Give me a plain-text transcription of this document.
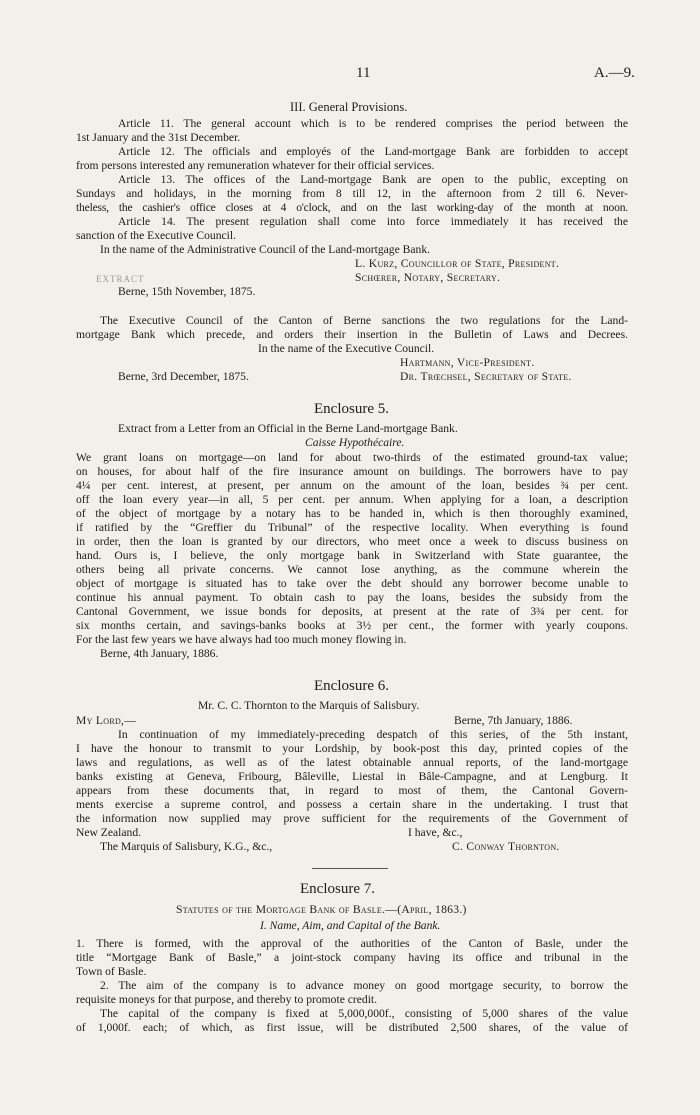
11	A.—9.
III. General Provisions.
Article 11. The general account which is to be rendered comprises the period between the
1st January and the 31st December.
Article 12. The officials and employés of the Land-mortgage Bank are forbidden to accept
from persons interested any remuneration whatever for their official services.
Article 13. The offices of the Land-mortgage Bank are open to the public, excepting on
Sundays and holidays, in the morning from 8 till 12, in the afternoon from 2 till 6. Never-
theless, the cashier's office closes at 4 o'clock, and on the last working-day of the month at noon.
Article 14. The present regulation shall come into force immediately it has received the
sanction of the Executive Council.
In the name of the Administrative Council of the Land-mortgage Bank.
L. Kurz, Councillor of State, President.
EXTRACT	Schœrer, Notary, Secretary.
Berne, 15th November, 1875.
The Executive Council of the Canton of Berne sanctions the two regulations for the Land-
mortgage Bank which precede, and orders their insertion in the Bulletin of Laws and Decrees.
In the name of the Executive Council.
Hartmann, Vice-President.
Berne, 3rd December, 1875.	Dr. Trœchsel, Secretary of State.
Enclosure 5.
Extract from a Letter from an Official in the Berne Land-mortgage Bank.
Caisse Hypothécaire.
We grant loans on mortgage—on land for about two-thirds of the estimated ground-tax value;
on houses, for about half of the fire insurance amount on buildings. The borrowers have to pay
4¼ per cent. interest, at present, per annum on the amount of the loan, besides ¾ per cent.
off the loan every year—in all, 5 per cent. per annum. When applying for a loan, a description
of the object of mortgage by a notary has to be handed in, which is then thoroughly examined,
if ratified by the “Greffier du Tribunal” of the respective locality. When everything is found
in order, then the loan is granted by our directors, who meet once a week to discuss business on
hand. Ours is, I believe, the only mortgage bank in Switzerland with State guarantee, the
others being all private concerns. We cannot lose anything, as the commune wherein the
object of mortgage is situated has to take over the debt should any borrower become unable to
continue his annual payment. To obtain cash to pay the loans, besides the subsidy from the
Cantonal Government, we issue bonds for deposits, at present at the rate of 3¾ per cent. for
six months certain, and savings-banks books at 3½ per cent., the former with yearly coupons.
For the last few years we have always had too much money flowing in.
Berne, 4th January, 1886.
Enclosure 6.
Mr. C. C. Thornton to the Marquis of Salisbury.
My Lord,—	Berne, 7th January, 1886.
In continuation of my immediately-preceding despatch of this series, of the 5th instant,
I have the honour to transmit to your Lordship, by book-post this day, printed copies of the
laws and regulations, as well as of the latest obtainable annual reports, of the land-mortgage
banks existing at Geneva, Fribourg, Bâleville, Liestal in Bâle-Campagne, and at Lengburg. It
appears from these documents that, in regard to most of them, the Cantonal Govern-
ments exercise a supreme control, and possess a certain share in the undertaking. I trust that
the information now supplied may prove sufficient for the requirements of the Government of
New Zealand.	I have, &c.,
The Marquis of Salisbury, K.G., &c.,	C. Conway Thornton.
Enclosure 7.
Statutes of the Mortgage Bank of Basle.—(April, 1863.)
I. Name, Aim, and Capital of the Bank.
1. There is formed, with the approval of the authorities of the Canton of Basle, under the
title “Mortgage Bank of Basle,” a joint-stock company having its office and tribunal in the
Town of Basle.
2. The aim of the company is to advance money on good mortgage security, to borrow the
requisite moneys for that purpose, and thereby to promote credit.
The capital of the company is fixed at 5,000,000f., consisting of 5,000 shares of the value
of 1,000f. each; of which, as first issue, will be distributed 2,500 shares, of the value of
